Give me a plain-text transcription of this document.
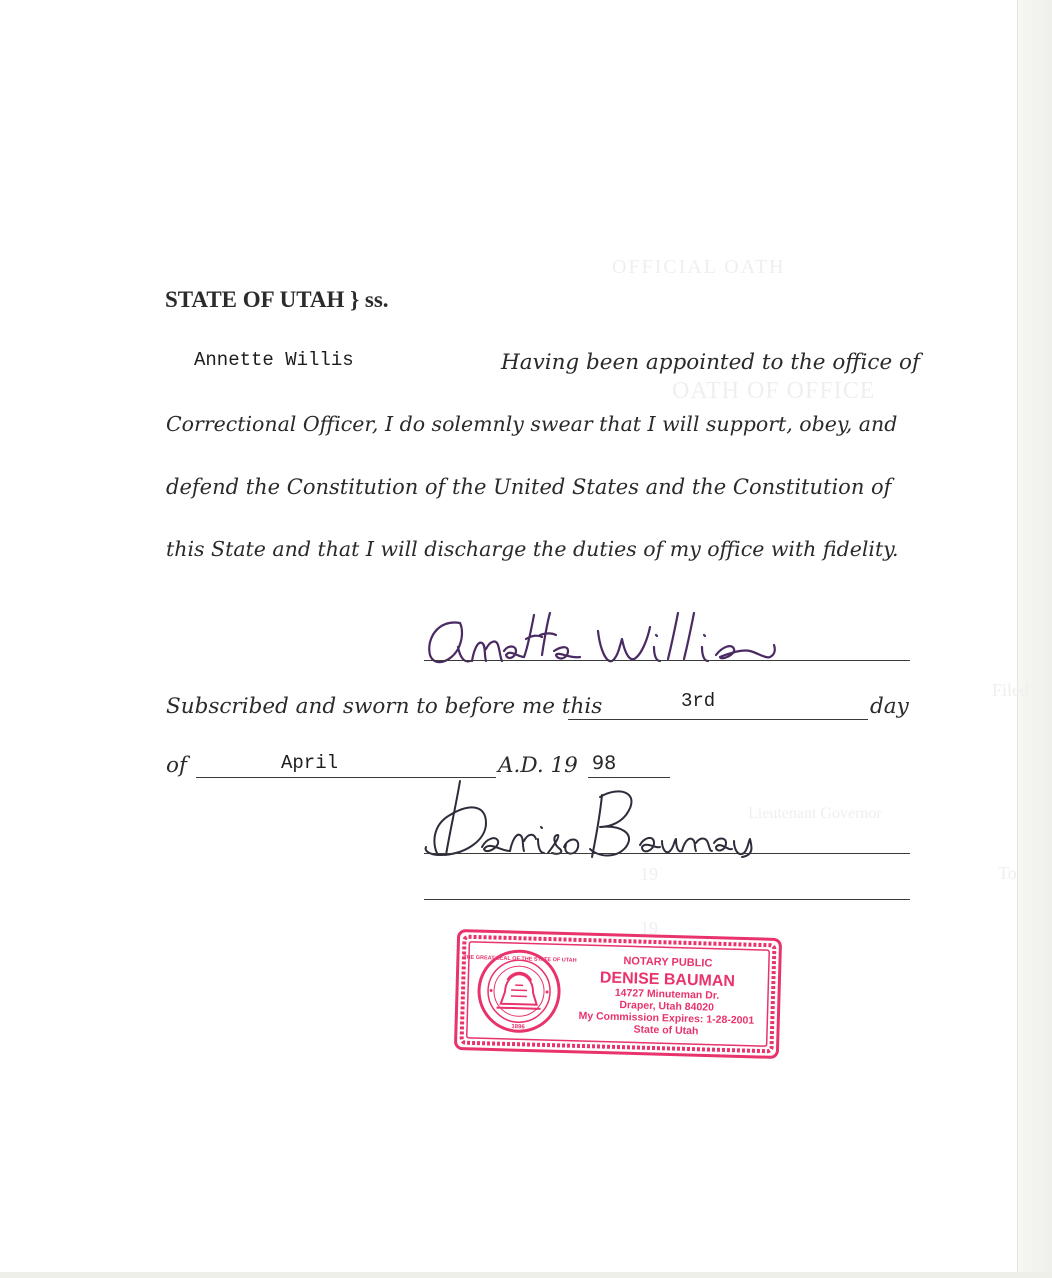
OFFICIAL OATH
OATH OF OFFICE
Filed
Lieutenant Governor
To
19
19
STATE OF UTAH } ss.
Annette Willis	Having been appointed to the office of
Correctional Officer, I do solemnly swear that I will support, obey, and
defend the Constitution of the United States and the Constitution of
this State and that I will discharge the duties of my office with fidelity.
Subscribed and sworn to before me this	3rd	day
of	April	A.D. 19 98
THE GREAT SEAL OF THE STATE OF UTAH
1896
NOTARY PUBLIC
DENISE BAUMAN
14727 Minuteman Dr.
Draper, Utah 84020
My Commission Expires: 1-28-2001
State of Utah
